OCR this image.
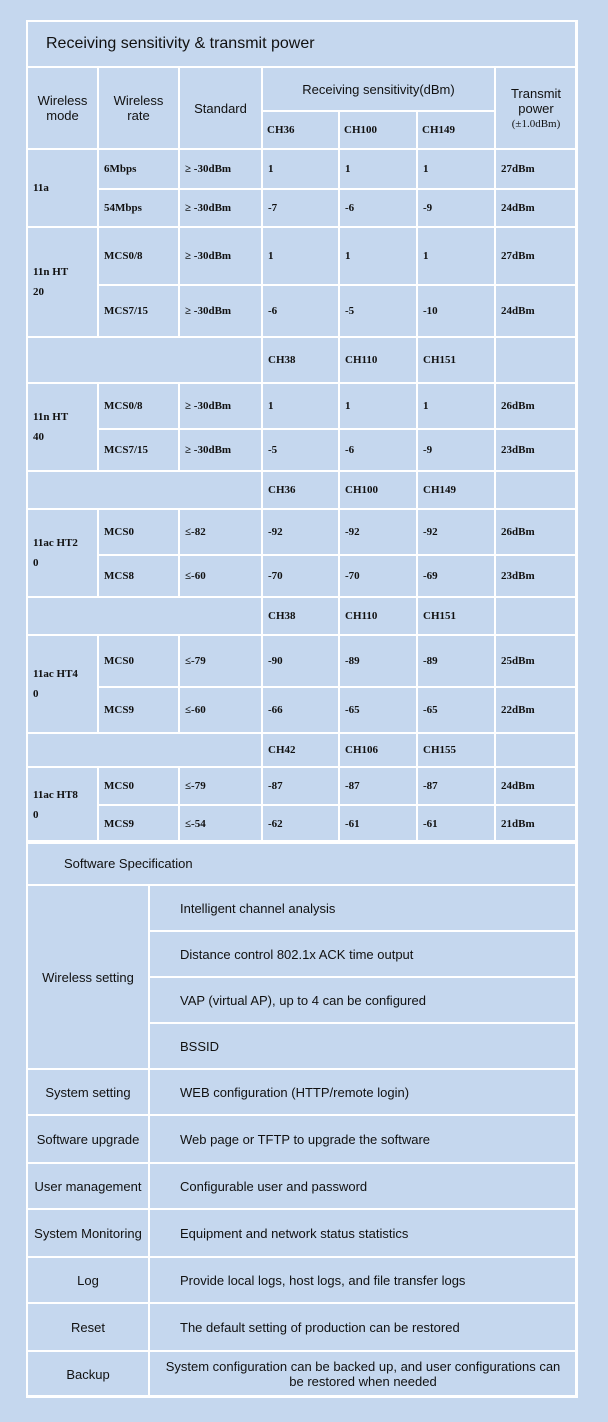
Receiving sensitivity & transmit power						
Wireless mode	Wireless rate	Standard	Receiving sensitivity(dBm)			Transmit power
(±1.0dBm)

			CH36	CH100	CH149	
11a	6Mbps	≥ -30dBm	1	1	1	27dBm
	54Mbps	≥ -30dBm	-7	-6	-9	24dBm
11n HT
20	MCS0/8	≥ -30dBm	1	1	1	27dBm
	MCS7/15	≥ -30dBm	-6	-5	-10	24dBm
			CH38	CH110	CH151	
11n HT
40	MCS0/8	≥ -30dBm	1	1	1	26dBm
	MCS7/15	≥ -30dBm	-5	-6	-9	23dBm
			CH36	CH100	CH149	
11ac HT2
0	MCS0	≤-82	-92	-92	-92	26dBm
	MCS8	≤-60	-70	-70	-69	23dBm
			CH38	CH110	CH151	
11ac HT4
0	MCS0	≤-79	-90	-89	-89	25dBm
	MCS9	≤-60	-66	-65	-65	22dBm
			CH42	CH106	CH155	
11ac HT8
0	MCS0	≤-79	-87	-87	-87	24dBm
	MCS9	≤-54	-62	-61	-61	21dBm
Software Specification	
Wireless setting	Intelligent channel analysis
	Distance control 802.1x ACK time output
	VAP (virtual AP), up to 4 can be configured
	BSSID
System setting	WEB configuration (HTTP/remote login)
Software upgrade	Web page or TFTP to upgrade the software
User management	Configurable user and password
System Monitoring	Equipment and network status statistics
Log	Provide local logs, host logs, and file transfer logs
Reset	The default setting of production can be restored
Backup	System configuration can be backed up, and user configurations can be restored when needed
